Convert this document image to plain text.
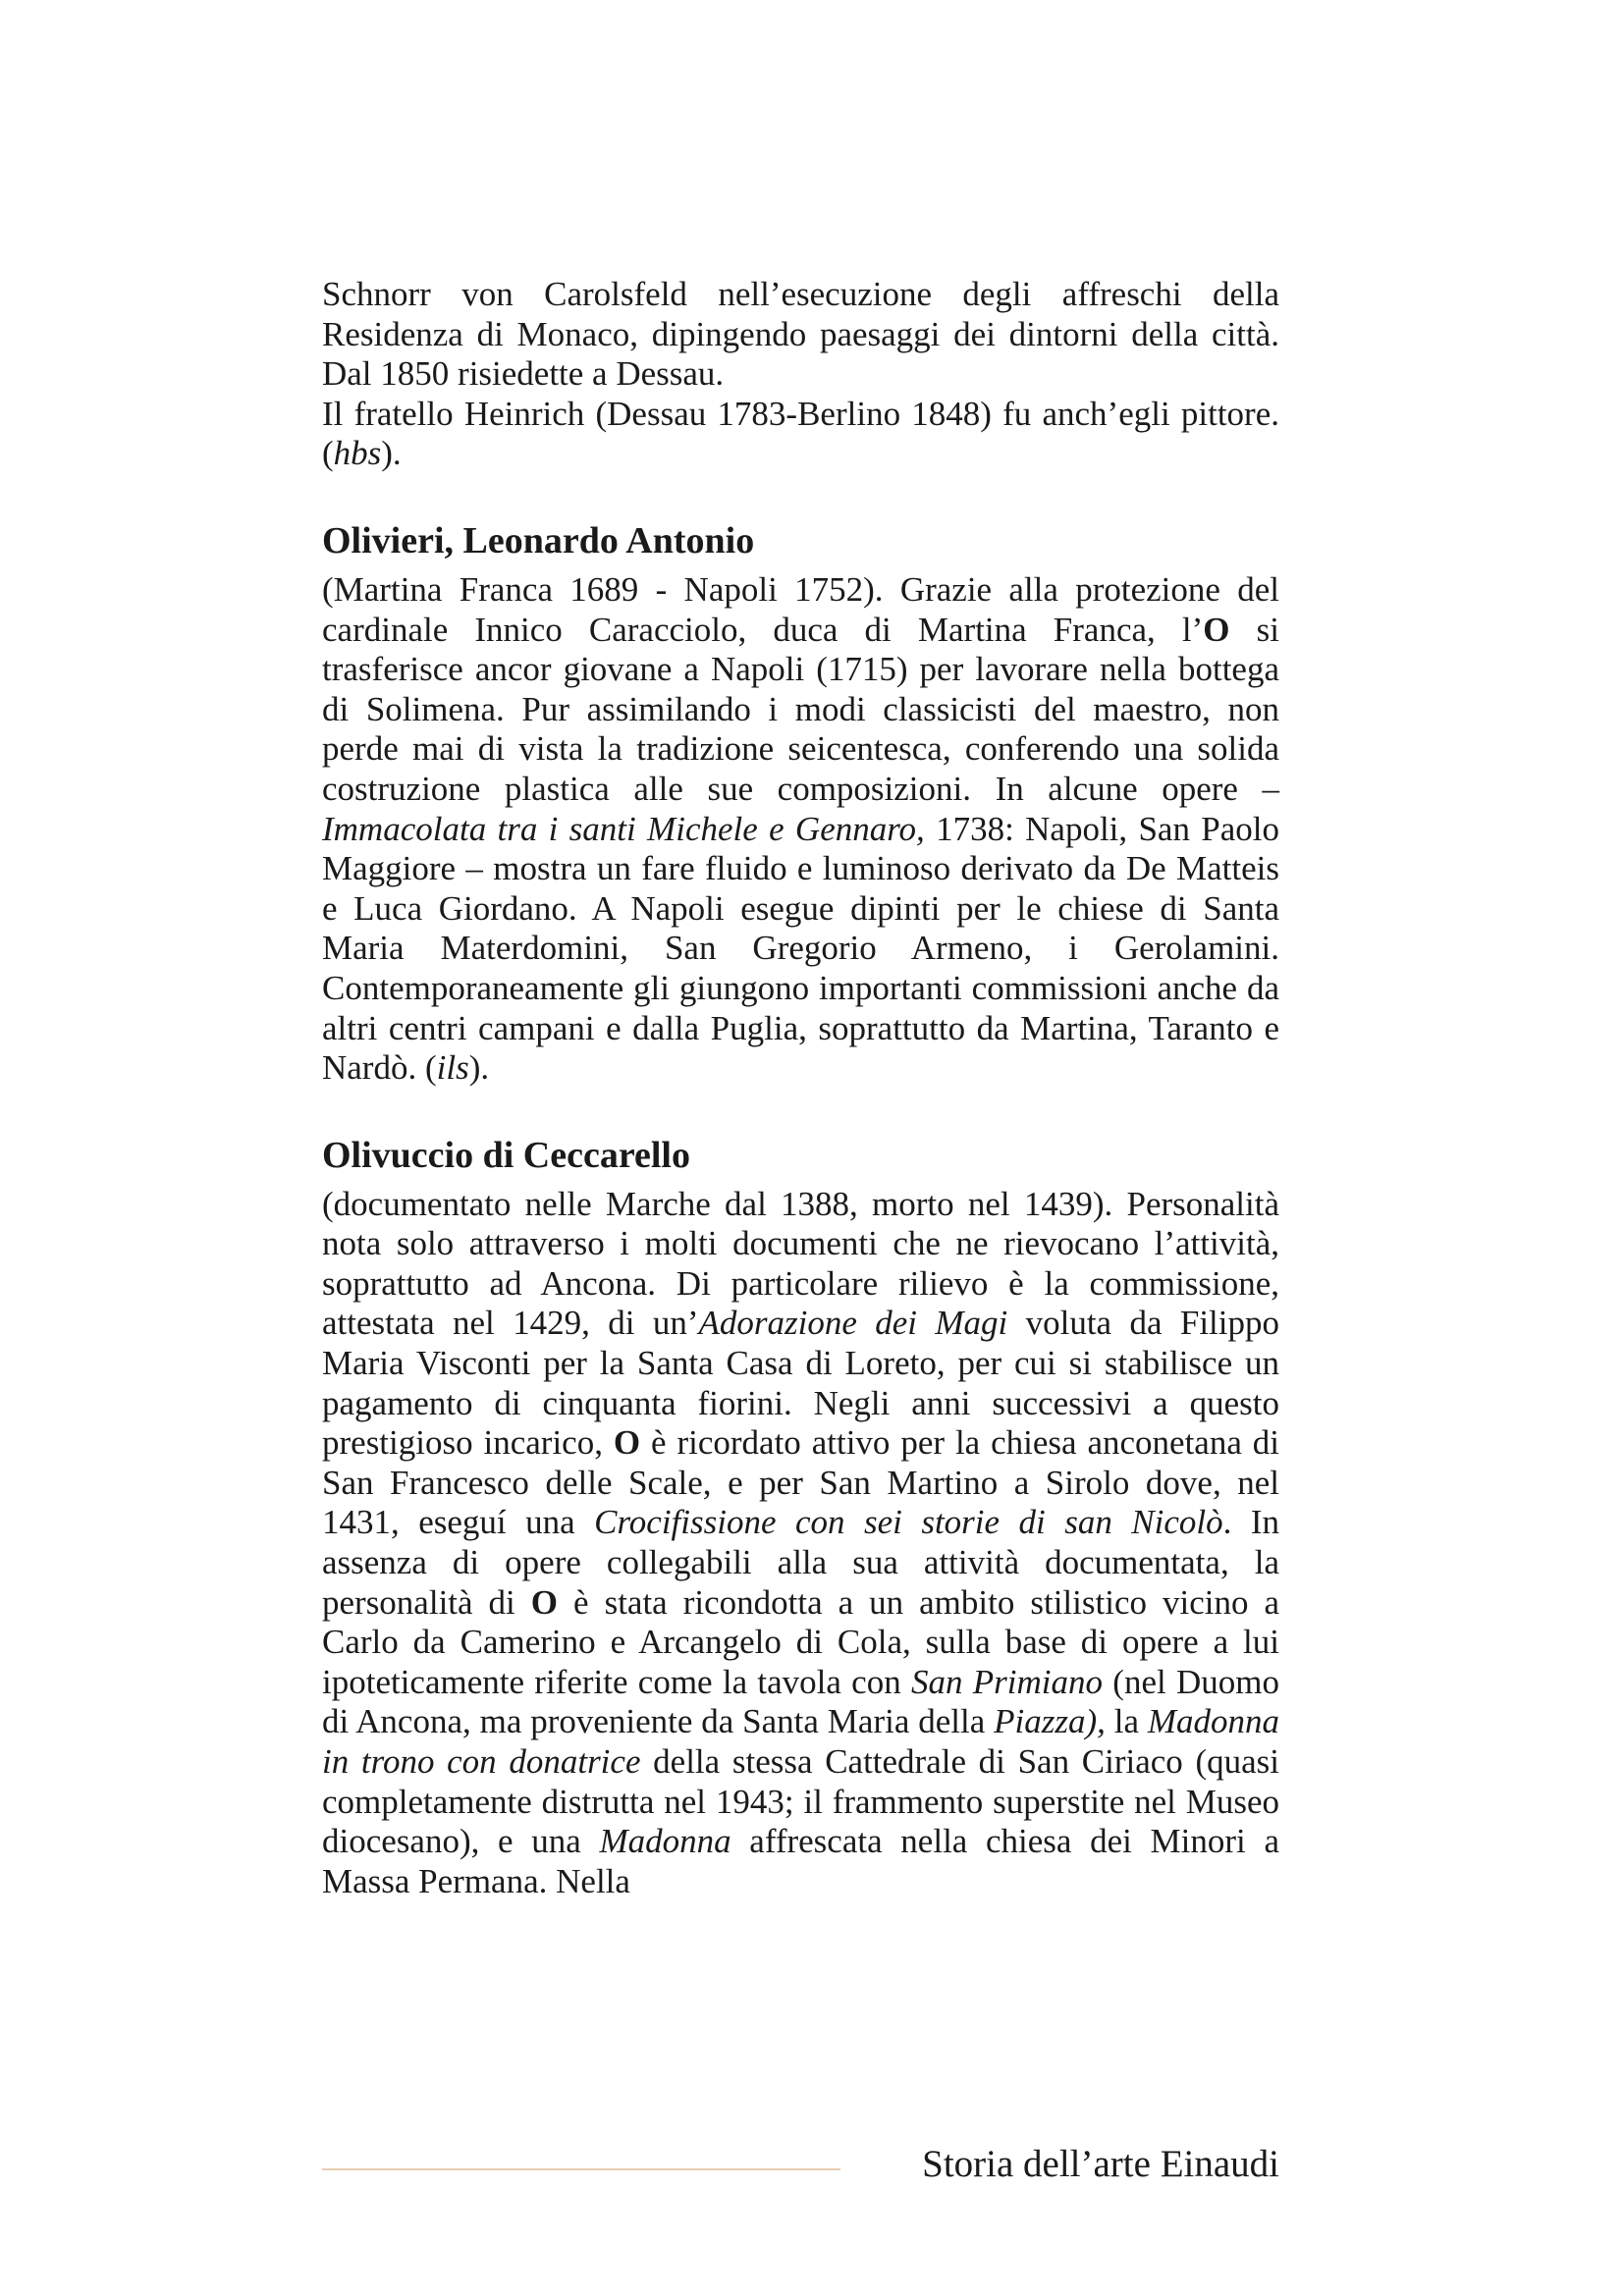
Schnorr von Carolsfeld nell’esecuzione degli affreschi della Residenza di Monaco, dipingendo paesaggi dei dintorni della città. Dal 1850 risiedette a Dessau.

Il fratello Heinrich (Dessau 1783-Berlino 1848) fu anch’egli pittore. (hbs).

Olivieri, Leonardo Antonio

(Martina Franca 1689 - Napoli 1752). Grazie alla protezione del cardinale Innico Caracciolo, duca di Martina Franca, l’O si trasferisce ancor giovane a Napoli (1715) per lavorare nella bottega di Solimena. Pur assimilando i modi classicisti del maestro, non perde mai di vista la tradizione seicentesca, conferendo una solida costruzione plastica alle sue composizioni. In alcune opere – Immacolata tra i santi Michele e Gennaro, 1738: Napoli, San Paolo Maggiore – mostra un fare fluido e luminoso derivato da De Matteis e Luca Giordano. A Napoli esegue dipinti per le chiese di Santa Maria Materdomini, San Gregorio Armeno, i Gerolamini. Contemporaneamente gli giungono importanti commissioni anche da altri centri campani e dalla Puglia, soprattutto da Martina, Taranto e Nardò. (ils).

Olivuccio di Ceccarello

(documentato nelle Marche dal 1388, morto nel 1439). Personalità nota solo attraverso i molti documenti che ne rievocano l’attività, soprattutto ad Ancona. Di particolare rilievo è la commissione, attestata nel 1429, di un’Adorazione dei Magi voluta da Filippo Maria Visconti per la Santa Casa di Loreto, per cui si stabilisce un pagamento di cinquanta fiorini. Negli anni successivi a questo prestigioso incarico, O è ricordato attivo per la chiesa anconetana di San Francesco delle Scale, e per San Martino a Sirolo dove, nel 1431, eseguí una Crocifissione con sei storie di san Nicolò. In assenza di opere collegabili alla sua attività documentata, la personalità di O è stata ricondotta a un ambito stilistico vicino a Carlo da Camerino e Arcangelo di Cola, sulla base di opere a lui ipoteticamente riferite come la tavola con San Primiano (nel Duomo di Ancona, ma proveniente da Santa Maria della Piazza), la Madonna in trono con donatrice della stessa Cattedrale di San Ciriaco (quasi completamente distrutta nel 1943; il frammento superstite nel Museo diocesano), e una Madonna affrescata nella chiesa dei Minori a Massa Permana. Nella

Storia dell’arte Einaudi
